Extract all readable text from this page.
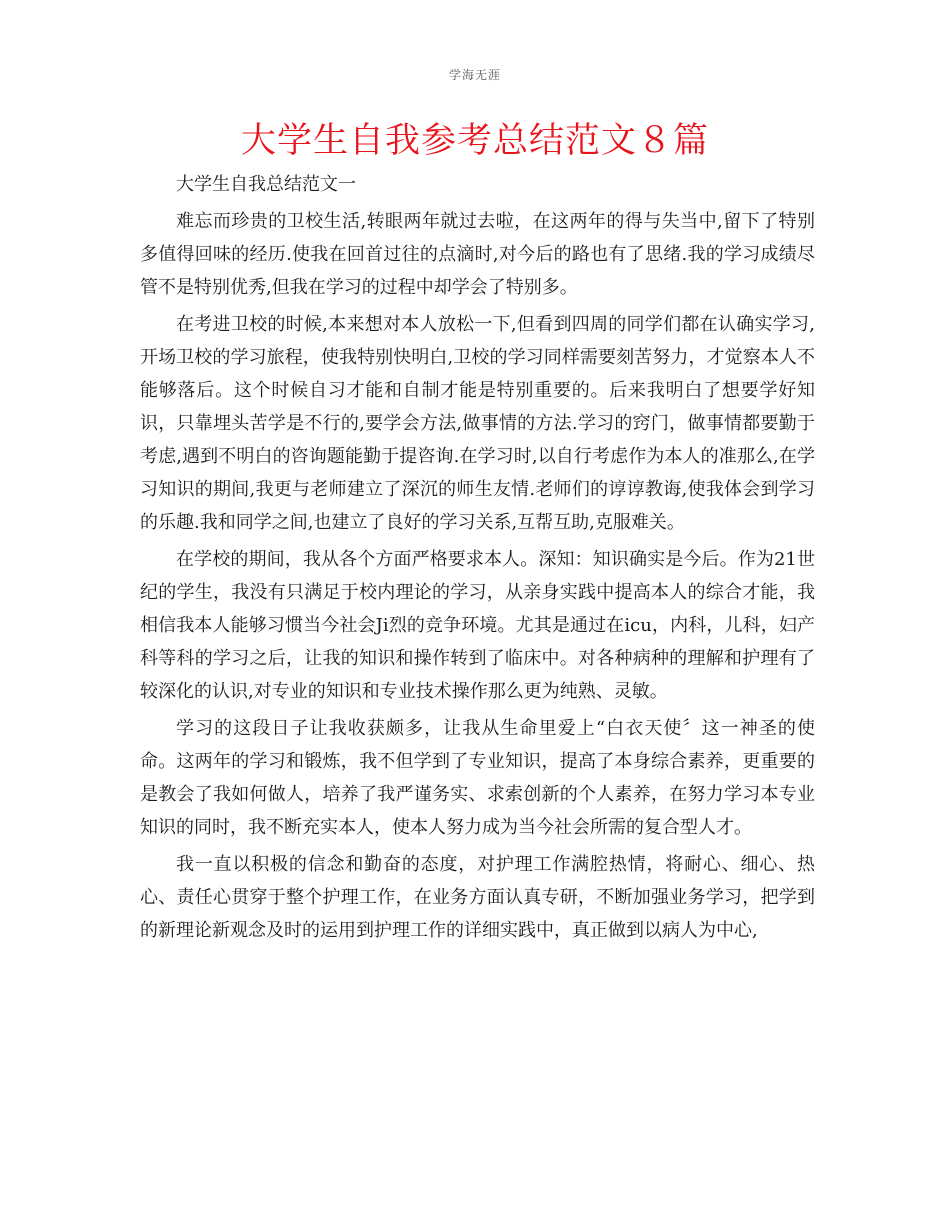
学海无涯
大学生自我参考总结范文８篇

大学生自我总结范文一

难忘而珍贵的卫校生活,转眼两年就过去啦，在这两年的得与失当中,留下了特别多值得回味的经历.使我在回首过往的点滴时,对今后的路也有了思绪.我的学习成绩尽管不是特别优秀,但我在学习的过程中却学会了特别多。

在考进卫校的时候,本来想对本人放松一下,但看到四周的同学们都在认确实学习,开场卫校的学习旅程，使我特别快明白,卫校的学习同样需要刻苦努力，才觉察本人不能够落后。这个时候自习才能和自制才能是特别重要的。后来我明白了想要学好知识，只靠埋头苦学是不行的,要学会方法,做事情的方法.学习的窍门，做事情都要勤于考虑,遇到不明白的咨询题能勤于提咨询.在学习时,以自行考虑作为本人的准那么,在学习知识的期间,我更与老师建立了深沉的师生友情.老师们的谆谆教诲,使我体会到学习的乐趣.我和同学之间,也建立了良好的学习关系,互帮互助,克服难关。

在学校的期间，我从各个方面严格要求本人。深知：知识确实是今后。作为21世纪的学生，我没有只满足于校内理论的学习，从亲身实践中提高本人的综合才能，我相信我本人能够习惯当今社会Ji烈的竞争环境。尤其是通过在icu，内科，儿科，妇产科等科的学习之后，让我的知识和操作转到了临床中。对各种病种的理解和护理有了较深化的认识,对专业的知识和专业技术操作那么更为纯熟、灵敏。

学习的这段日子让我收获颇多，让我从生命里爱上“白衣天使〞这一神圣的使命。这两年的学习和锻炼，我不但学到了专业知识，提高了本身综合素养，更重要的是教会了我如何做人，培养了我严谨务实、求索创新的个人素养，在努力学习本专业知识的同时，我不断充实本人，使本人努力成为当今社会所需的复合型人才。

我一直以积极的信念和勤奋的态度，对护理工作满腔热情，将耐心、细心、热心、责任心贯穿于整个护理工作，在业务方面认真专研，不断加强业务学习，把学到的新理论新观念及时的运用到护理工作的详细实践中，真正做到以病人为中心,
